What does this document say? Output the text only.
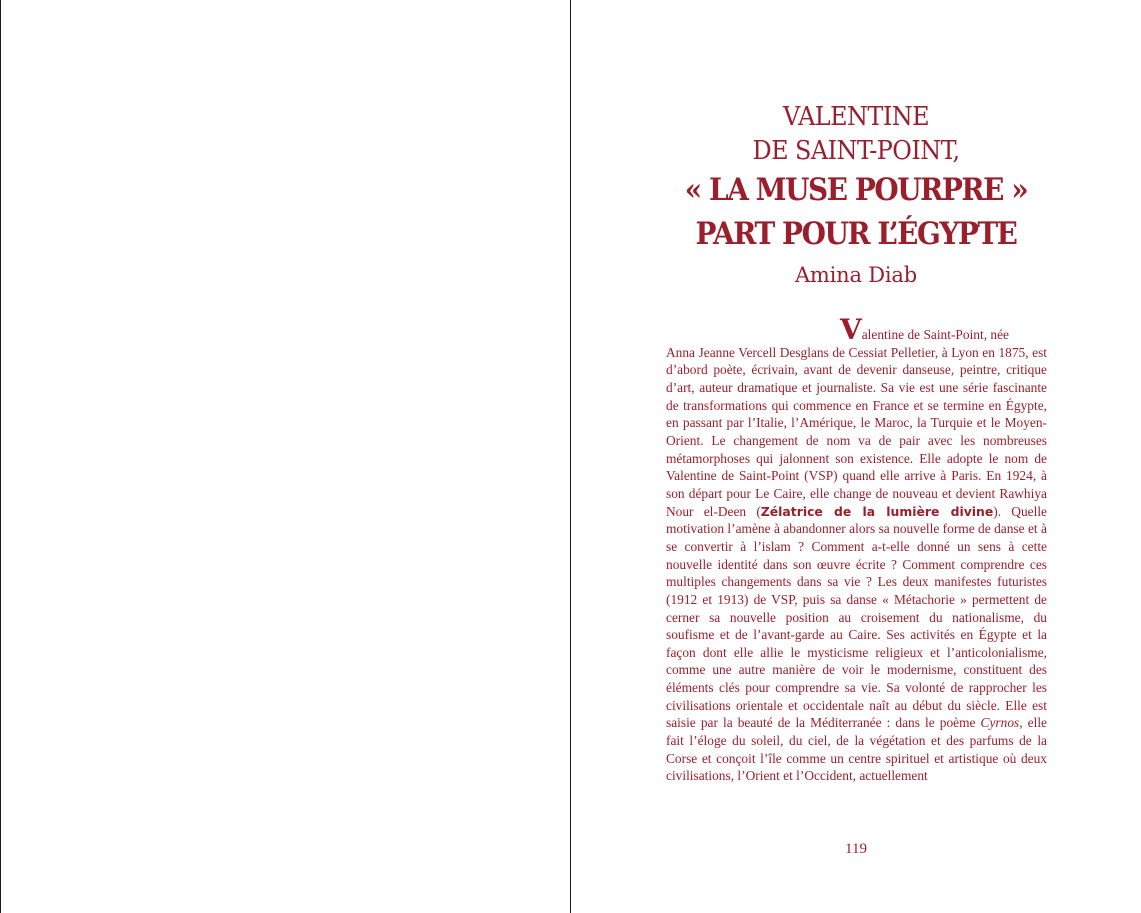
VALENTINE
DE SAINT-POINT,
« LA MUSE POURPRE »
PART POUR L’ÉGYPTE
Amina Diab
Valentine de Saint-Point, née
Anna Jeanne Vercell Desglans de Cessiat Pelletier, à Lyon en 1875, est d’abord poète, écrivain, avant de devenir danseuse, peintre, critique d’art, auteur dramatique et journaliste. Sa vie est une série fascinante de transformations qui commence en France et se termine en Égypte, en passant par l’Italie, l’Amérique, le Maroc, la Turquie et le Moyen-Orient. Le changement de nom va de pair avec les nombreuses métamorphoses qui jalonnent son existence. Elle adopte le nom de Valentine de Saint-Point (VSP) quand elle arrive à Paris. En 1924, à son départ pour Le Caire, elle change de nouveau et devient Rawhiya Nour el-Deen (Zélatrice de la lumière divine). Quelle motivation l’amène à abandonner alors sa nouvelle forme de danse et à se convertir à l’islam ? Comment a-t-elle donné un sens à cette nouvelle identité dans son œuvre écrite ? Comment comprendre ces multiples changements dans sa vie ? Les deux manifestes futuristes (1912 et 1913) de VSP, puis sa danse « Métachorie » permettent de cerner sa nouvelle position au croisement du nationalisme, du soufisme et de l’avant-garde au Caire. Ses activités en Égypte et la façon dont elle allie le mysticisme religieux et l’anticolonialisme, comme une autre manière de voir le modernisme, constituent des éléments clés pour comprendre sa vie. Sa volonté de rapprocher les civilisations orientale et occidentale naît au début du siècle. Elle est saisie par la beauté de la Méditerranée : dans le poème Cyrnos, elle fait l’éloge du soleil, du ciel, de la végétation et des parfums de la Corse et conçoit l’île comme un centre spirituel et artistique où deux civilisations, l’Orient et l’Occident, actuellement
119
